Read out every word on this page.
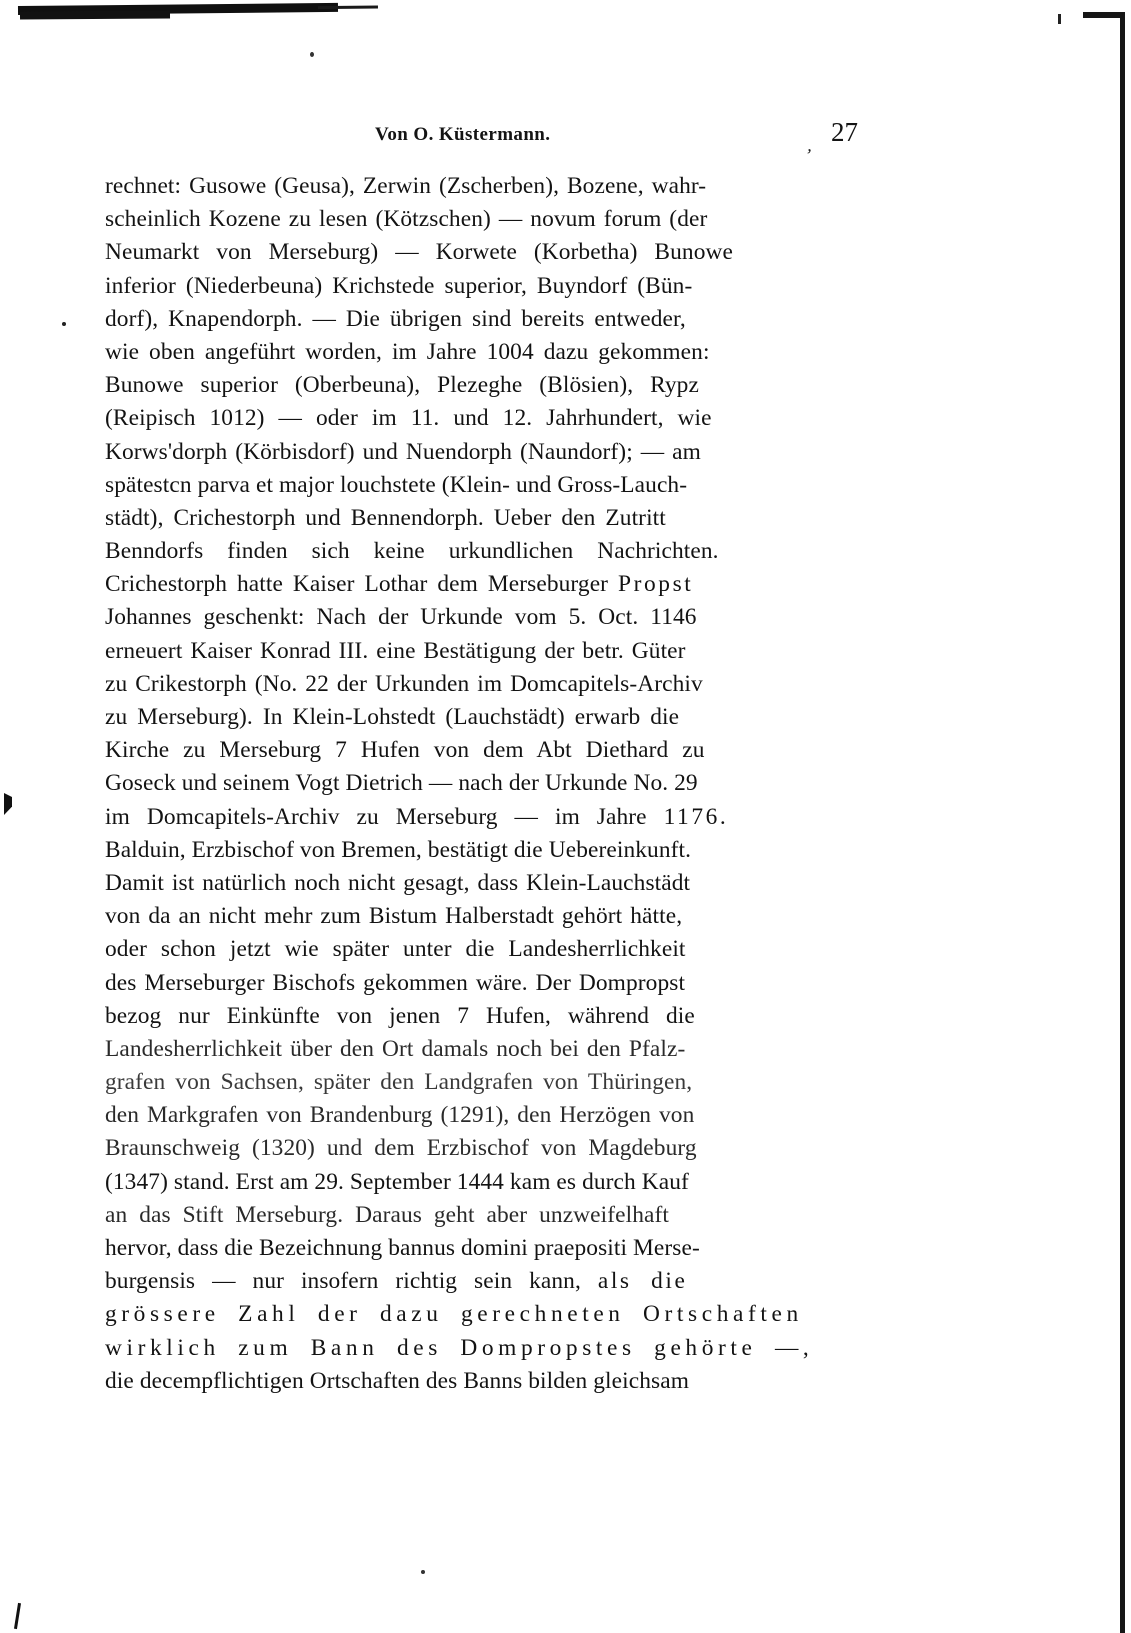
Von O. Küstermann.
, 27
rechnet: Gusowe (Geusa), Zerwin (Zscherben), Bozene, wahr-
scheinlich Kozene zu lesen (Kötzschen) — novum forum (der
Neumarkt von Merseburg) — Korwete (Korbetha) Bunowe
inferior (Niederbeuna) Krichstede superior, Buyndorf (Bün-
dorf), Knapendorph. — Die übrigen sind bereits entweder,
wie oben angeführt worden, im Jahre 1004 dazu gekommen:
Bunowe superior (Oberbeuna), Plezeghe (Blösien), Rypz
(Reipisch 1012) — oder im 11. und 12. Jahrhundert, wie
Korws'dorph (Körbisdorf) und Nuendorph (Naundorf); — am
spätestcn parva et major louchstete (Klein- und Gross-Lauch-
städt), Crichestorph und Bennendorph. Ueber den Zutritt
Benndorfs finden sich keine urkundlichen Nachrichten.
Crichestorph hatte Kaiser Lothar dem Merseburger Propst
Johannes geschenkt: Nach der Urkunde vom 5. Oct. 1146
erneuert Kaiser Konrad III. eine Bestätigung der betr. Güter
zu Crikestorph (No. 22 der Urkunden im Domcapitels-Archiv
zu Merseburg). In Klein-Lohstedt (Lauchstädt) erwarb die
Kirche zu Merseburg 7 Hufen von dem Abt Diethard zu
Goseck und seinem Vogt Dietrich — nach der Urkunde No. 29
im Domcapitels-Archiv zu Merseburg — im Jahre 1176.
Balduin, Erzbischof von Bremen, bestätigt die Uebereinkunft.
Damit ist natürlich noch nicht gesagt, dass Klein-Lauchstädt
von da an nicht mehr zum Bistum Halberstadt gehört hätte,
oder schon jetzt wie später unter die Landesherrlichkeit
des Merseburger Bischofs gekommen wäre. Der Dompropst
bezog nur Einkünfte von jenen 7 Hufen, während die
Landesherrlichkeit über den Ort damals noch bei den Pfalz-
grafen von Sachsen, später den Landgrafen von Thüringen,
den Markgrafen von Brandenburg (1291), den Herzögen von
Braunschweig (1320) und dem Erzbischof von Magdeburg
(1347) stand. Erst am 29. September 1444 kam es durch Kauf
an das Stift Merseburg. Daraus geht aber unzweifelhaft
hervor, dass die Bezeichnung bannus domini praepositi Merse-
burgensis — nur insofern richtig sein kann, als die
grössere Zahl der dazu gerechneten Ortschaften
wirklich zum Bann des Dompropstes gehörte —,
die decempflichtigen Ortschaften des Banns bilden gleichsam
